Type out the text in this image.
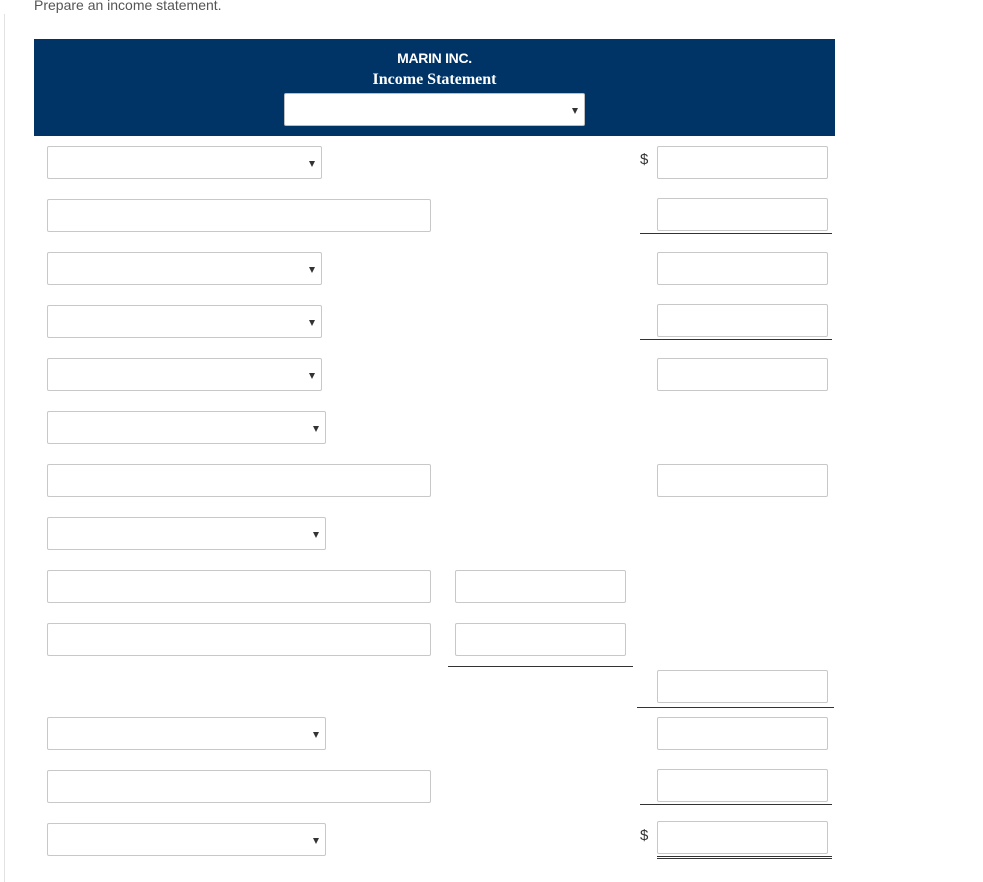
Prepare an income statement.
MARIN INC.
Income Statement
$
$
